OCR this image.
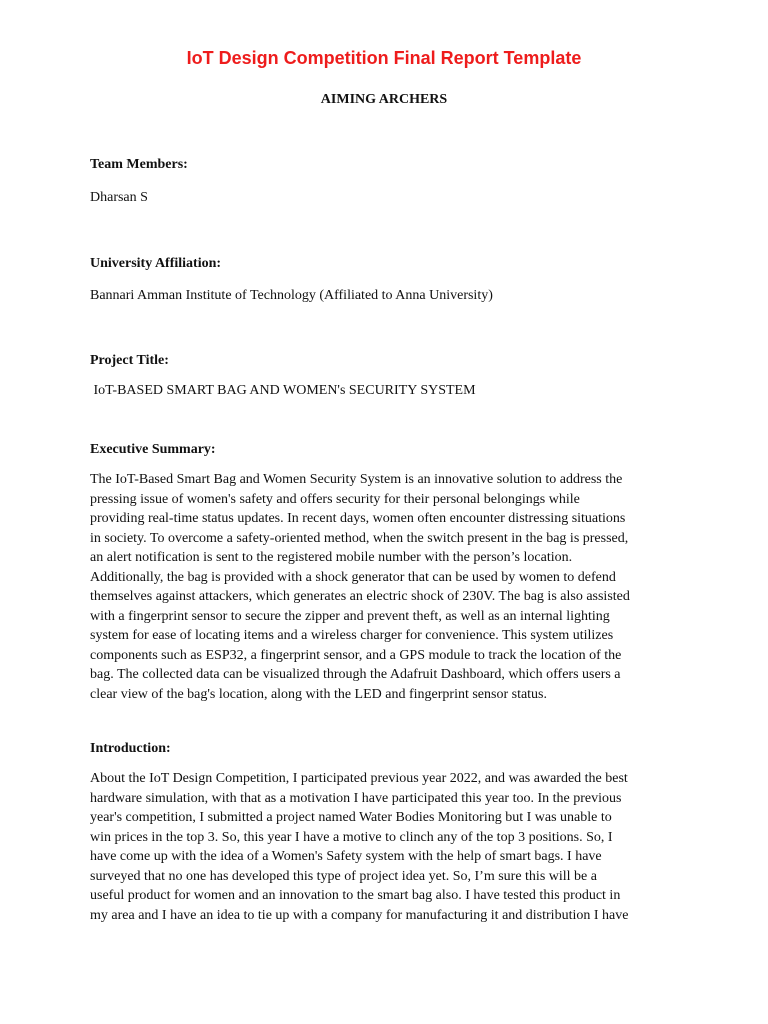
IoT Design Competition Final Report Template
AIMING ARCHERS
Team Members:

Dharsan S

University Affiliation:

Bannari Amman Institute of Technology (Affiliated to Anna University)

Project Title:

IoT-BASED SMART BAG AND WOMEN's SECURITY SYSTEM

Executive Summary:
The IoT-Based Smart Bag and Women Security System is an innovative solution to address the
pressing issue of women's safety and offers security for their personal belongings while
providing real-time status updates. In recent days, women often encounter distressing situations
in society. To overcome a safety-oriented method, when the switch present in the bag is pressed,
an alert notification is sent to the registered mobile number with the person’s location.
Additionally, the bag is provided with a shock generator that can be used by women to defend
themselves against attackers, which generates an electric shock of 230V. The bag is also assisted
with a fingerprint sensor to secure the zipper and prevent theft, as well as an internal lighting
system for ease of locating items and a wireless charger for convenience. This system utilizes
components such as ESP32, a fingerprint sensor, and a GPS module to track the location of the
bag. The collected data can be visualized through the Adafruit Dashboard, which offers users a
clear view of the bag's location, along with the LED and fingerprint sensor status.
Introduction:
About the IoT Design Competition, I participated previous year 2022, and was awarded the best
hardware simulation, with that as a motivation I have participated this year too. In the previous
year's competition, I submitted a project named Water Bodies Monitoring but I was unable to
win prices in the top 3. So, this year I have a motive to clinch any of the top 3 positions. So, I
have come up with the idea of a Women's Safety system with the help of smart bags. I have
surveyed that no one has developed this type of project idea yet. So, I’m sure this will be a
useful product for women and an innovation to the smart bag also. I have tested this product in
my area and I have an idea to tie up with a company for manufacturing it and distribution I have
